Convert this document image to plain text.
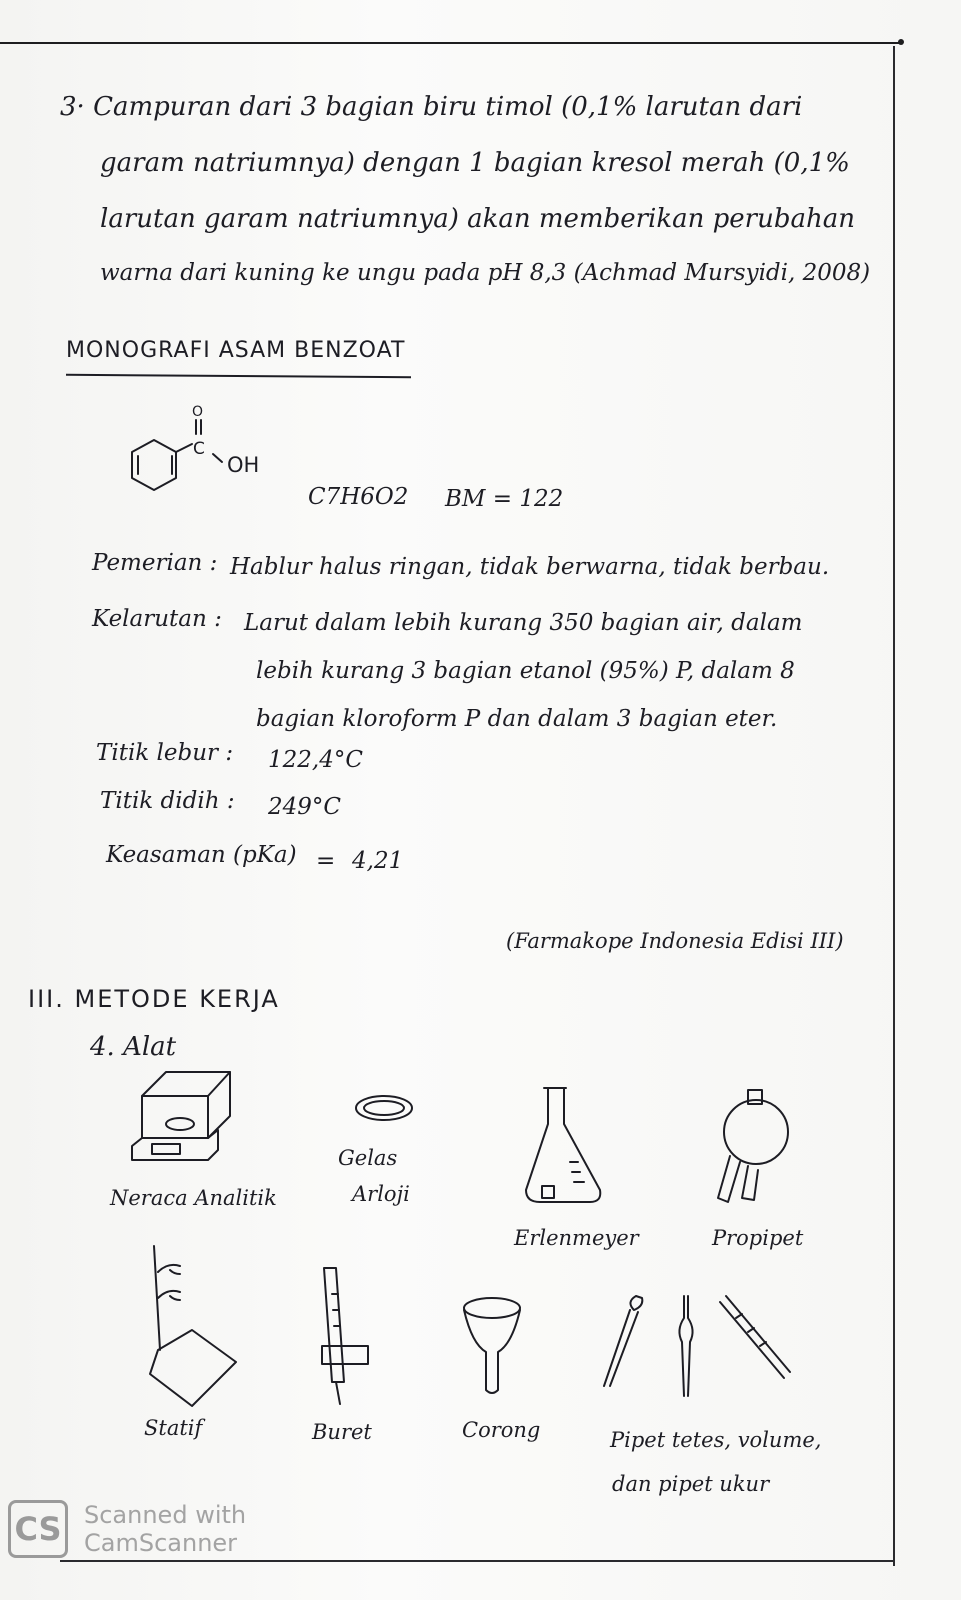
3· Campuran dari 3 bagian biru timol (0,1% larutan dari
garam natriumnya) dengan 1 bagian kresol merah (0,1%
larutan garam natriumnya) akan memberikan perubahan
warna dari kuning ke ungu pada pH 8,3 (Achmad Mursyidi, 2008)
MONOGRAFI ASAM BENZOAT
O
C
OH
C7H6O2 BM = 122
Pemerian : Hablur halus ringan, tidak berwarna, tidak berbau.
Kelarutan : Larut dalam lebih kurang 350 bagian air, dalam
lebih kurang 3 bagian etanol (95%) P, dalam 8
bagian kloroform P dan dalam 3 bagian eter.
Titik lebur : 122,4°C
Titik didih : 249°C
Keasaman (pKa) = 4,21
(Farmakope Indonesia Edisi III)
III. METODE KERJA
4. Alat
Neraca Analitik
Gelas
Arloji
Erlenmeyer	Propipet
Statif	Buret	Corong	Pipet tetes, volume,
dan pipet ukur
CS Scanned with
CamScanner
